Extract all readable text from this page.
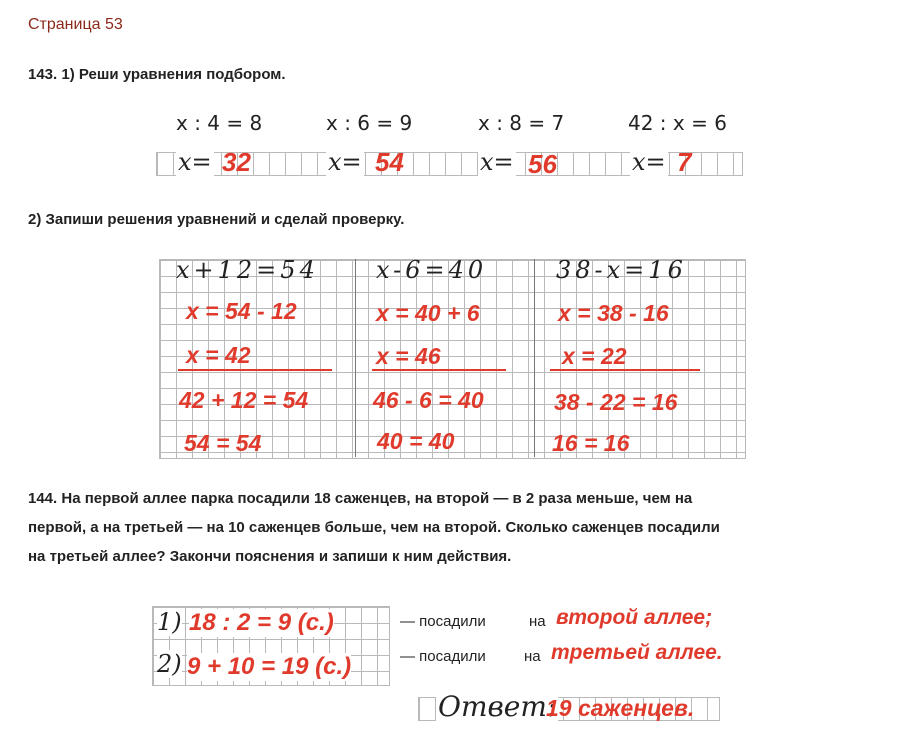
Страница 53
143. 1) Реши уравнения подбором.
x : 4 = 8	x : 6 = 9	x : 8 = 7	42 : x = 6
x= 32	x= 54	x= 56	x= 7
2) Запиши решения уравнений и сделай проверку.
x+12=54
x = 54 - 12
x = 42
42 + 12 = 54
54 = 54
x-6=40
x = 40 + 6
x = 46
46 - 6 = 40
40 = 40
38-x=16
x = 38 - 16
x = 22
38 - 22 = 16
16 = 16
144. На первой аллее парка посадили 18 саженцев, на второй — в 2 раза меньше, чем на
первой, а на третьей — на 10 саженцев больше, чем на второй. Сколько саженцев посадили
на третьей аллее? Закончи пояснения и запиши к ним действия.
1) 18 : 2 = 9 (с.)	— посадили	на второй аллее;
2) 9 + 10 = 19 (с.)	— посадили	на третьей аллее.
Ответ:
19 саженцев.
